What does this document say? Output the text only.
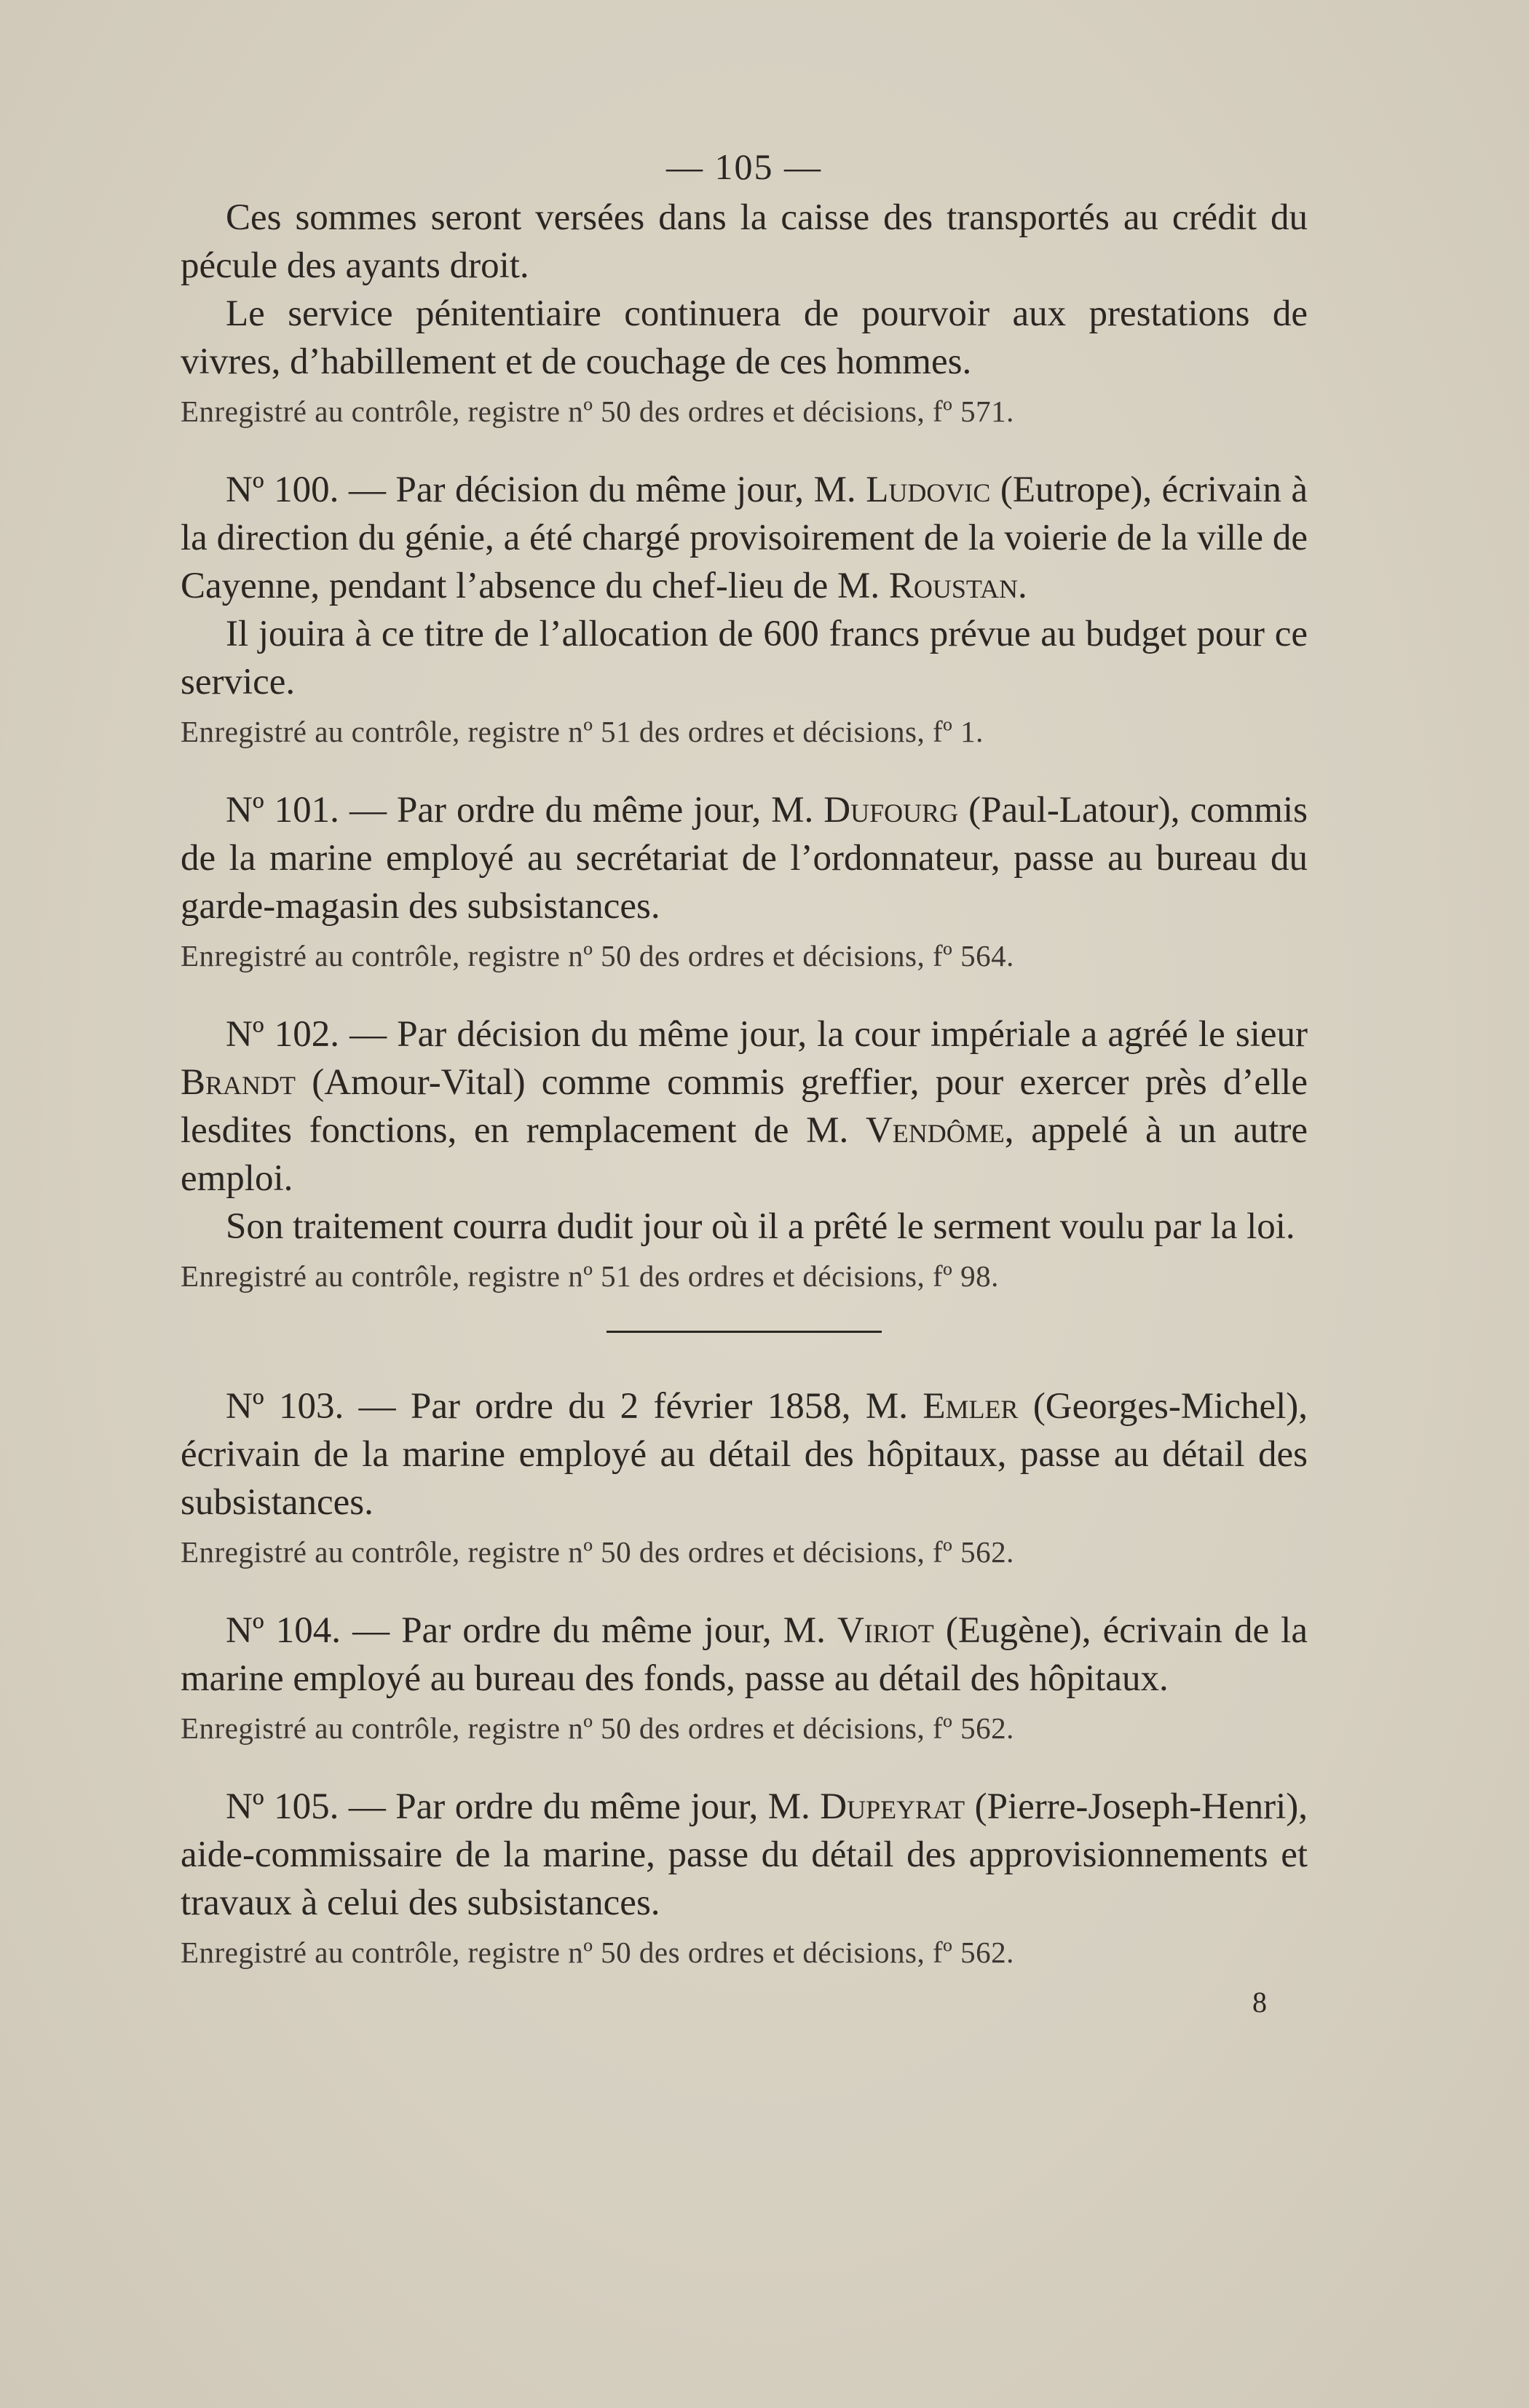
— 105 —

Ces sommes seront versées dans la caisse des transportés au crédit du pécule des ayants droit.

Le service pénitentiaire continuera de pourvoir aux prestations de vivres, d’habillement et de couchage de ces hommes.

Enregistré au contrôle, registre nº 50 des ordres et décisions, fº 571.

Nº 100. — Par décision du même jour, M. Ludovic (Eutrope), écrivain à la direction du génie, a été chargé provisoirement de la voierie de la ville de Cayenne, pendant l’absence du chef-lieu de M. Roustan.

Il jouira à ce titre de l’allocation de 600 francs prévue au budget pour ce service.

Enregistré au contrôle, registre nº 51 des ordres et décisions, fº 1.

Nº 101. — Par ordre du même jour, M. Dufourg (Paul-Latour), commis de la marine employé au secrétariat de l’ordonnateur, passe au bureau du garde-magasin des subsistances.

Enregistré au contrôle, registre nº 50 des ordres et décisions, fº 564.

Nº 102. — Par décision du même jour, la cour impériale a agréé le sieur Brandt (Amour-Vital) comme commis greffier, pour exercer près d’elle lesdites fonctions, en remplacement de M. Vendôme, appelé à un autre emploi.

Son traitement courra dudit jour où il a prêté le serment voulu par la loi.

Enregistré au contrôle, registre nº 51 des ordres et décisions, fº 98.

Nº 103. — Par ordre du 2 février 1858, M. Emler (Georges-Michel), écrivain de la marine employé au détail des hôpitaux, passe au détail des subsistances.

Enregistré au contrôle, registre nº 50 des ordres et décisions, fº 562.

Nº 104. — Par ordre du même jour, M. Viriot (Eugène), écrivain de la marine employé au bureau des fonds, passe au détail des hôpitaux.

Enregistré au contrôle, registre nº 50 des ordres et décisions, fº 562.

Nº 105. — Par ordre du même jour, M. Dupeyrat (Pierre-Joseph-Henri), aide-commissaire de la marine, passe du détail des approvisionnements et travaux à celui des subsistances.

Enregistré au contrôle, registre nº 50 des ordres et décisions, fº 562.

8
